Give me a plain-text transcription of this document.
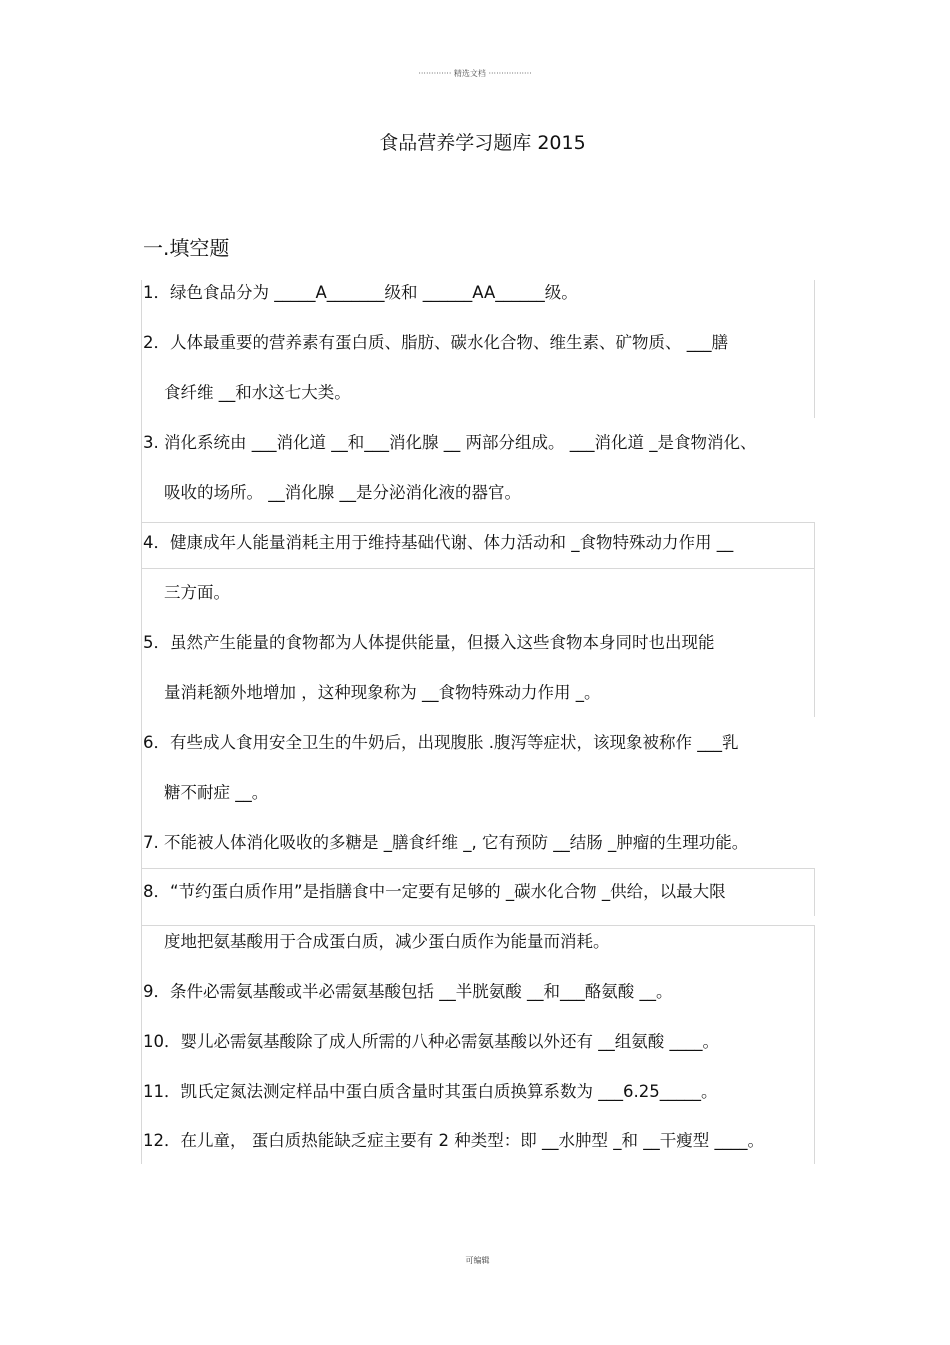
············· 精选文档 ·················
食品营养学习题库 2015
一.填空题
1．绿色食品分为 _____A_______级和 ______AA______级。
2．人体最重要的营养素有蛋白质、脂肪、碳水化合物、维生素、矿物质、 ___膳
食纤维 __和水这七大类。
3. 消化系统由 ___消化道 __和___消化腺 __ 两部分组成。 ___消化道 _是食物消化、
吸收的场所。 __消化腺 __是分泌消化液的器官。
4．健康成年人能量消耗主用于维持基础代谢、体力活动和 _食物特殊动力作用 __
三方面。
5．虽然产生能量的食物都为人体提供能量，但摄入这些食物本身同时也出现能
量消耗额外地增加 ，这种现象称为 __食物特殊动力作用 _。
6．有些成人食用安全卫生的牛奶后，出现腹胀 .腹泻等症状，该现象被称作 ___乳
糖不耐症 __。
7. 不能被人体消化吸收的多糖是 _膳食纤维 _, 它有预防 __结肠 _肿瘤的生理功能。
8．“节约蛋白质作用”是指膳食中一定要有足够的 _碳水化合物 _供给，以最大限
度地把氨基酸用于合成蛋白质，减少蛋白质作为能量而消耗。
9．条件必需氨基酸或半必需氨基酸包括 __半胱氨酸 __和___酪氨酸 __。
10．婴儿必需氨基酸除了成人所需的八种必需氨基酸以外还有 __组氨酸 ____。
11．凯氏定氮法测定样品中蛋白质含量时其蛋白质换算系数为 ___6.25_____。
12．在儿童， 蛋白质热能缺乏症主要有 2 种类型：即 __水肿型 _和 __干瘦型 ____。
可编辑
